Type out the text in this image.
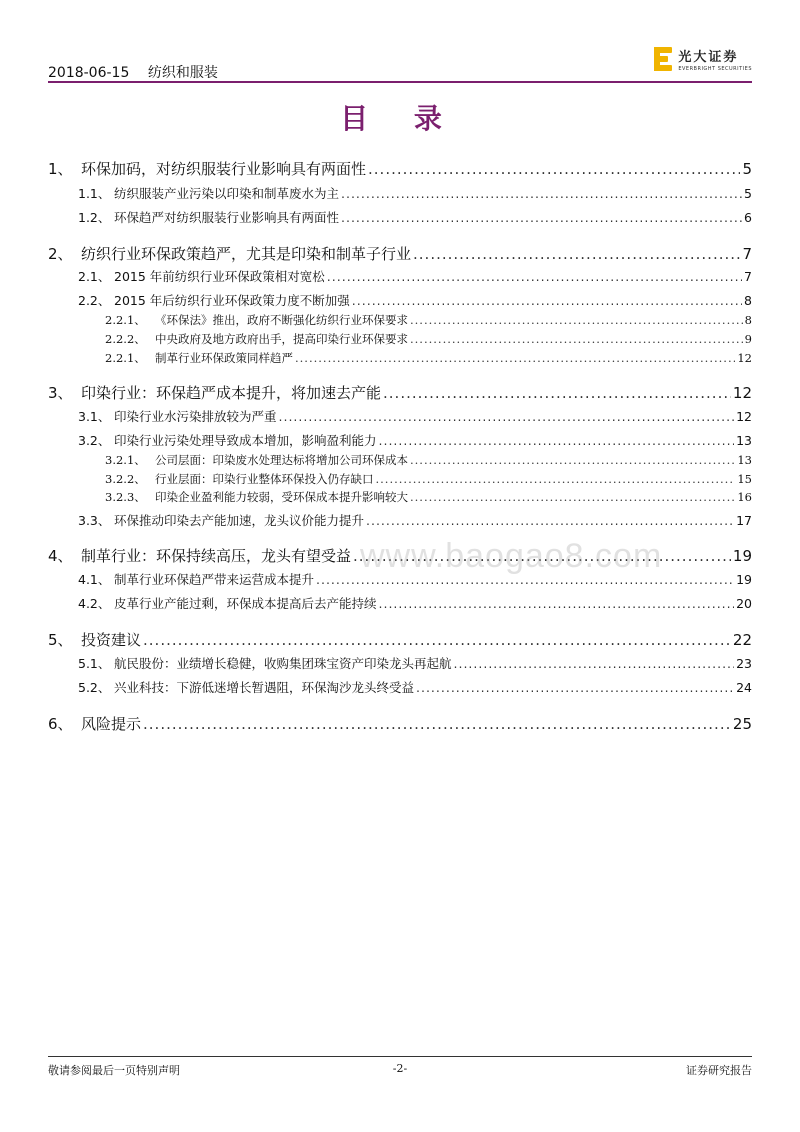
2018-06-15 纺织和服装
光大证券
EVERBRIGHT SECURITIES
目 录
1、 环保加码，对纺织服装行业影响具有两面性 .....	5
1.1、 纺织服装产业污染以印染和制革废水为主 .....	5
1.2、 环保趋严对纺织服装行业影响具有两面性 .....	6
2、 纺织行业环保政策趋严，尤其是印染和制革子行业 .....	7
2.1、 2015 年前纺织行业环保政策相对宽松 .....	7
2.2、 2015 年后纺织行业环保政策力度不断加强 .....	8
2.2.1、 《环保法》推出，政府不断强化纺织行业环保要求 .....	8
2.2.2、 中央政府及地方政府出手，提高印染行业环保要求 .....	9
2.2.1、 制革行业环保政策同样趋严 .....	12
3、 印染行业：环保趋严成本提升，将加速去产能 .....	12
3.1、 印染行业水污染排放较为严重 .....	12
3.2、 印染行业污染处理导致成本增加，影响盈利能力 .....	13
3.2.1、 公司层面：印染废水处理达标将增加公司环保成本 .....	13
3.2.2、 行业层面：印染行业整体环保投入仍存缺口 .....	15
3.2.3、 印染企业盈利能力较弱，受环保成本提升影响较大 .....	16
3.3、 环保推动印染去产能加速，龙头议价能力提升 .....	17
4、 制革行业：环保持续高压，龙头有望受益 .....	19
4.1、 制革行业环保趋严带来运营成本提升 .....	19
4.2、 皮革行业产能过剩，环保成本提高后去产能持续 .....	20
5、 投资建议 .....	22
5.1、 航民股份：业绩增长稳健，收购集团珠宝资产印染龙头再起航 .....	23
5.2、 兴业科技：下游低迷增长暂遇阻，环保淘沙龙头终受益 .....	24
6、 风险提示 .....	25
www.baogao8.com
敬请参阅最后一页特别声明	-2-	证券研究报告
